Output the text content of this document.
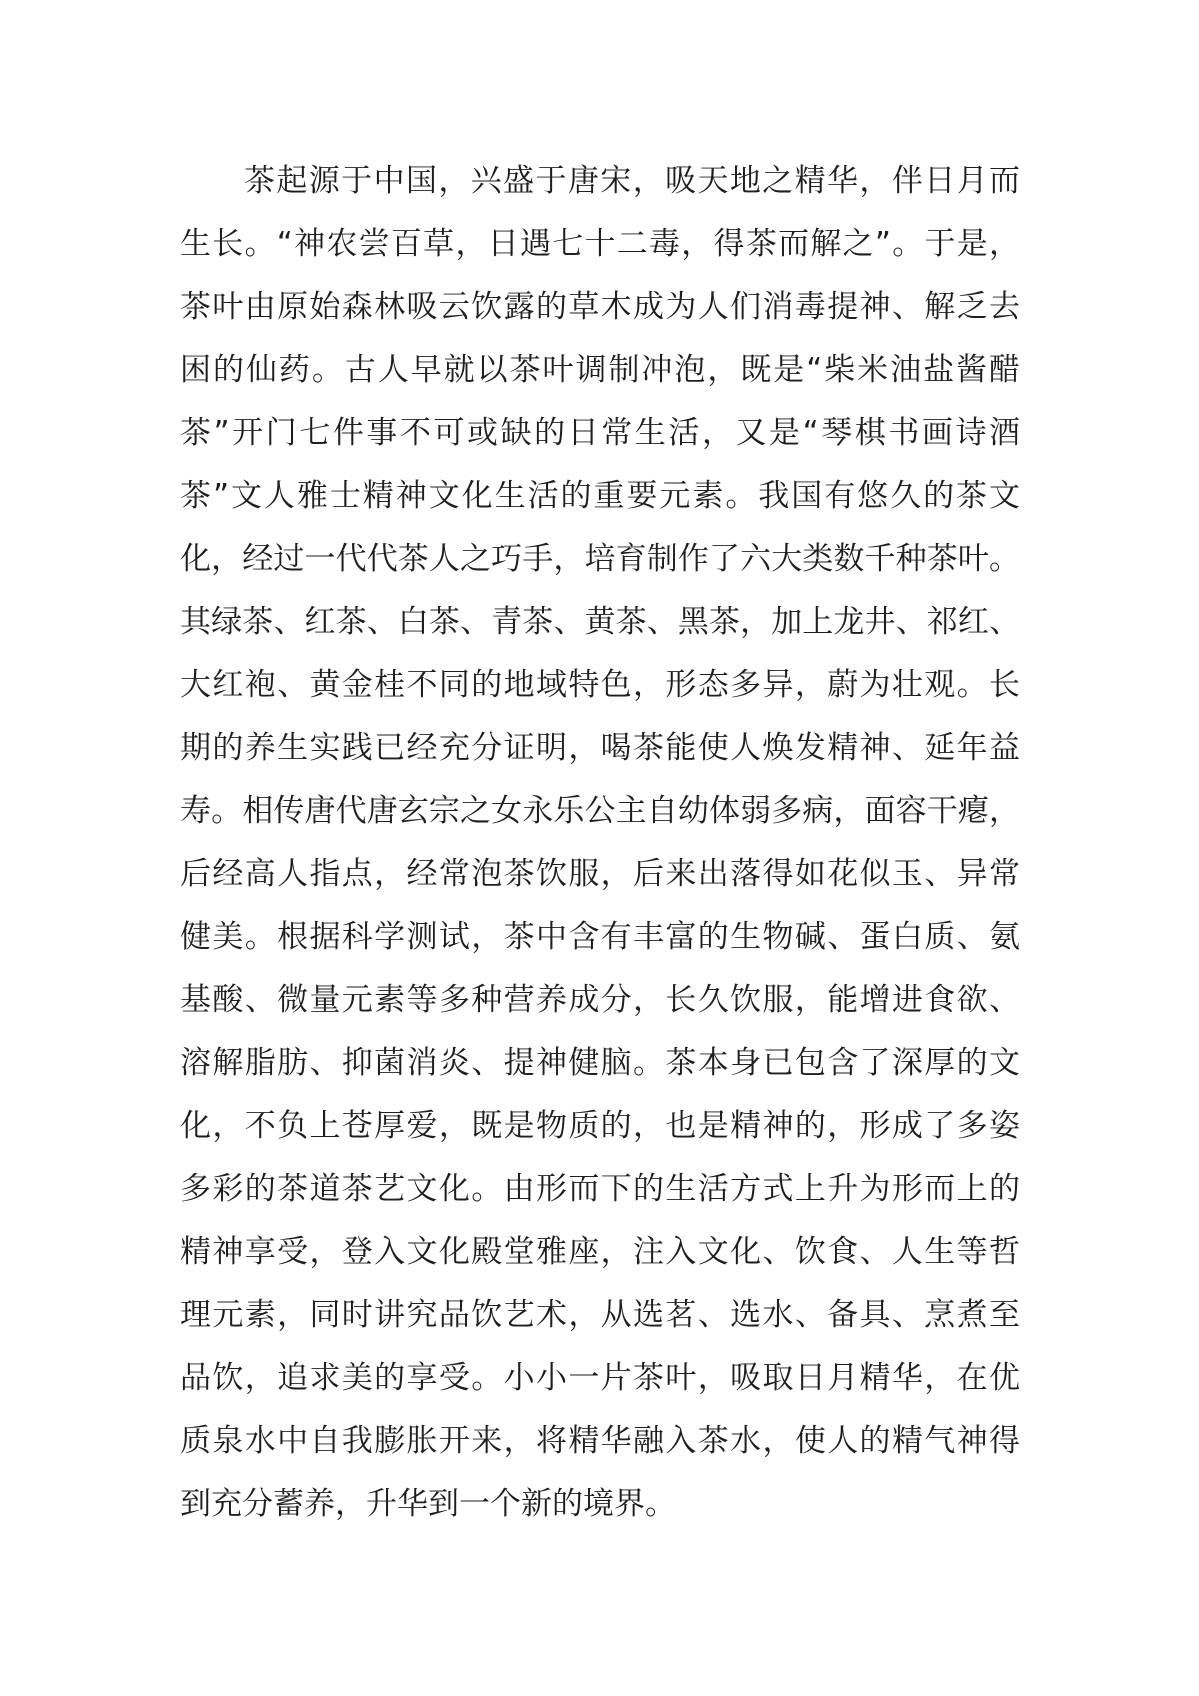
茶起源于中国，兴盛于唐宋，吸天地之精华，伴日月而
生长。“神农尝百草，日遇七十二毒，得茶而解之”。于是，
茶叶由原始森林吸云饮露的草木成为人们消毒提神、解乏去
困的仙药。古人早就以茶叶调制冲泡，既是“柴米油盐酱醋
茶”开门七件事不可或缺的日常生活，又是“琴棋书画诗酒
茶”文人雅士精神文化生活的重要元素。我国有悠久的茶文
化，经过一代代茶人之巧手，培育制作了六大类数千种茶叶。
其绿茶、红茶、白茶、青茶、黄茶、黑茶，加上龙井、祁红、
大红袍、黄金桂不同的地域特色，形态多异，蔚为壮观。长
期的养生实践已经充分证明，喝茶能使人焕发精神、延年益
寿。相传唐代唐玄宗之女永乐公主自幼体弱多病，面容干瘪，
后经高人指点，经常泡茶饮服，后来出落得如花似玉、异常
健美。根据科学测试，茶中含有丰富的生物碱、蛋白质、氨
基酸、微量元素等多种营养成分，长久饮服，能增进食欲、
溶解脂肪、抑菌消炎、提神健脑。茶本身已包含了深厚的文
化，不负上苍厚爱，既是物质的，也是精神的，形成了多姿
多彩的茶道茶艺文化。由形而下的生活方式上升为形而上的
精神享受，登入文化殿堂雅座，注入文化、饮食、人生等哲
理元素，同时讲究品饮艺术，从选茗、选水、备具、烹煮至
品饮，追求美的享受。小小一片茶叶，吸取日月精华，在优
质泉水中自我膨胀开来，将精华融入茶水，使人的精气神得
到充分蓄养，升华到一个新的境界。
